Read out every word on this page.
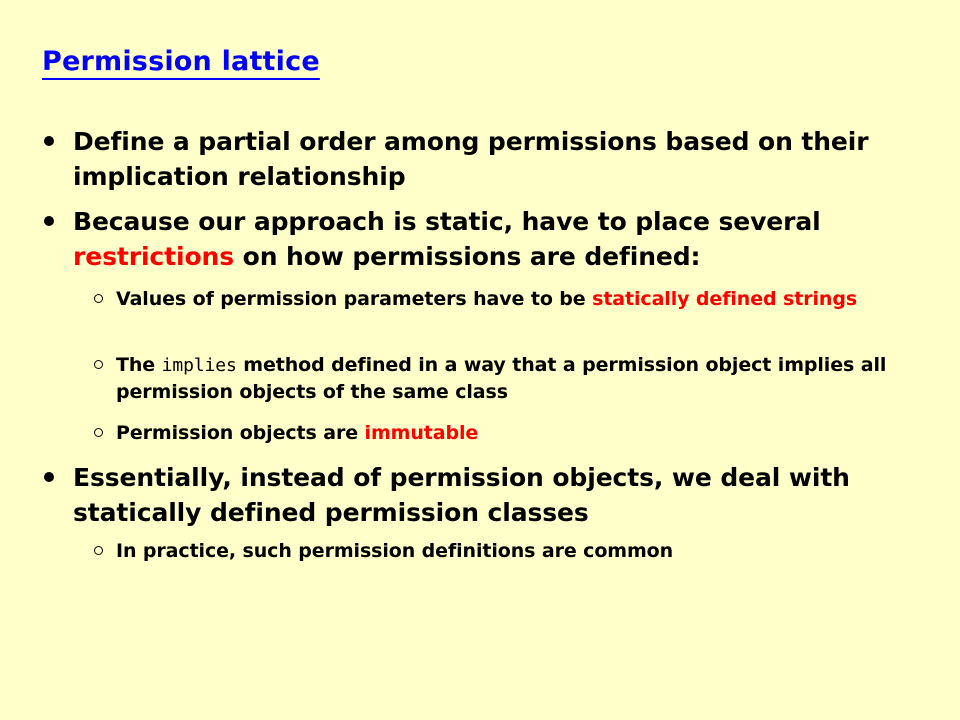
Permission lattice
Define a partial order among permissions based on their implication relationship
Because our approach is static, have to place several restrictions on how permissions are defined:
Values of permission parameters have to be statically defined strings
The implies method defined in a way that a permission object implies all permission objects of the same class
Permission objects are immutable
Essentially, instead of permission objects, we deal with statically defined permission classes
In practice, such permission definitions are common
